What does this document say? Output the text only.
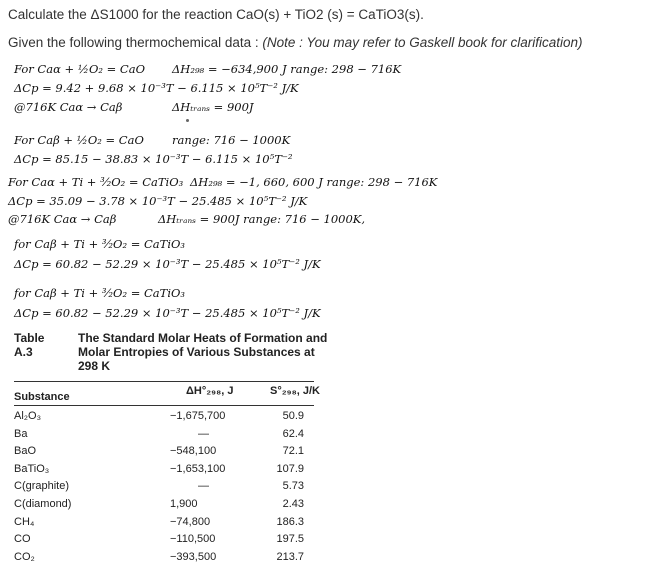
Calculate the ΔS1000 for the reaction CaO(s) + TiO2 (s) = CaTiO3(s).
Given the following thermochemical data : (Note : You may refer to Gaskell book for clarification)
For Caα + ½O₂ = CaO ΔH₂₉₈ = −634,900 J range: 298 − 716K
ΔCp = 9.42 + 9.68 × 10⁻³T − 6.115 × 10⁵T⁻² J/K
@716K Caα → Caβ	ΔHₜᵣₐₙₛ = 900J
For Caβ + ½O₂ = CaO range: 716 − 1000K
ΔCp = 85.15 − 38.83 × 10⁻³T − 6.115 × 10⁵T⁻²
For Caα + Ti + ³⁄₂O₂ = CaTiO₃ ΔH₂₉₈ = −1, 660, 600 J range: 298 − 716K
ΔCp = 35.09 − 3.78 × 10⁻³T − 25.485 × 10⁵T⁻² J/K
@716K Caα → Caβ	ΔHₜᵣₐₙₛ = 900J range: 716 − 1000K,
for Caβ + Ti + ³⁄₂O₂ = CaTiO₃
ΔCp = 60.82 − 52.29 × 10⁻³T − 25.485 × 10⁵T⁻² J/K
for Caβ + Ti + ³⁄₂O₂ = CaTiO₃
ΔCp = 60.82 − 52.29 × 10⁻³T − 25.485 × 10⁵T⁻² J/K
Table A.3
The Standard Molar Heats of Formation and Molar Entropies of Various Substances at 298 K
Substance	ΔH°₂₉₈, J	S°₂₉₈, J/K
Al₂O₃	−1,675,700	50.9
Ba	—	62.4
BaO	−548,100	72.1
BaTiO₃	−1,653,100	107.9
C(graphite)	—	5.73
C(diamond)	1,900	2.43
CH₄	−74,800	186.3
CO	−110,500	197.5
CO₂	−393,500	213.7
